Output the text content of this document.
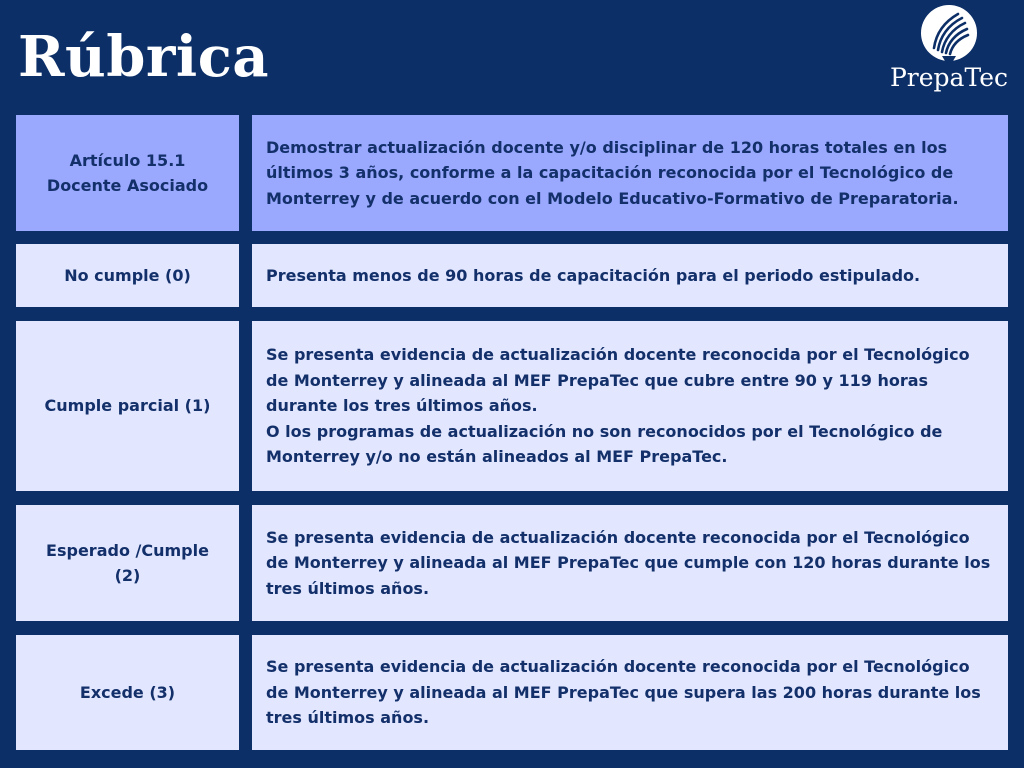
Rúbrica	PrepaTec
Artículo 15.1
Docente Asociado
Demostrar actualización docente y/o disciplinar de 120 horas totales en los últimos 3 años, conforme a la capacitación reconocida por el Tecnológico de Monterrey y de acuerdo con el Modelo Educativo-Formativo de Preparatoria.
No cumple (0)	Presenta menos de 90 horas de capacitación para el periodo estipulado.
Cumple parcial (1)
Se presenta evidencia de actualización docente reconocida por el Tecnológico de Monterrey y alineada al MEF PrepaTec que cubre entre 90 y 119 horas durante los tres últimos años.
O los programas de actualización no son reconocidos por el Tecnológico de Monterrey y/o no están alineados al MEF PrepaTec.
Esperado /Cumple (2)
Se presenta evidencia de actualización docente reconocida por el Tecnológico de Monterrey y alineada al MEF PrepaTec que cumple con 120 horas durante los tres últimos años.
Excede (3)
Se presenta evidencia de actualización docente reconocida por el Tecnológico de Monterrey y alineada al MEF PrepaTec que supera las 200 horas durante los tres últimos años.
